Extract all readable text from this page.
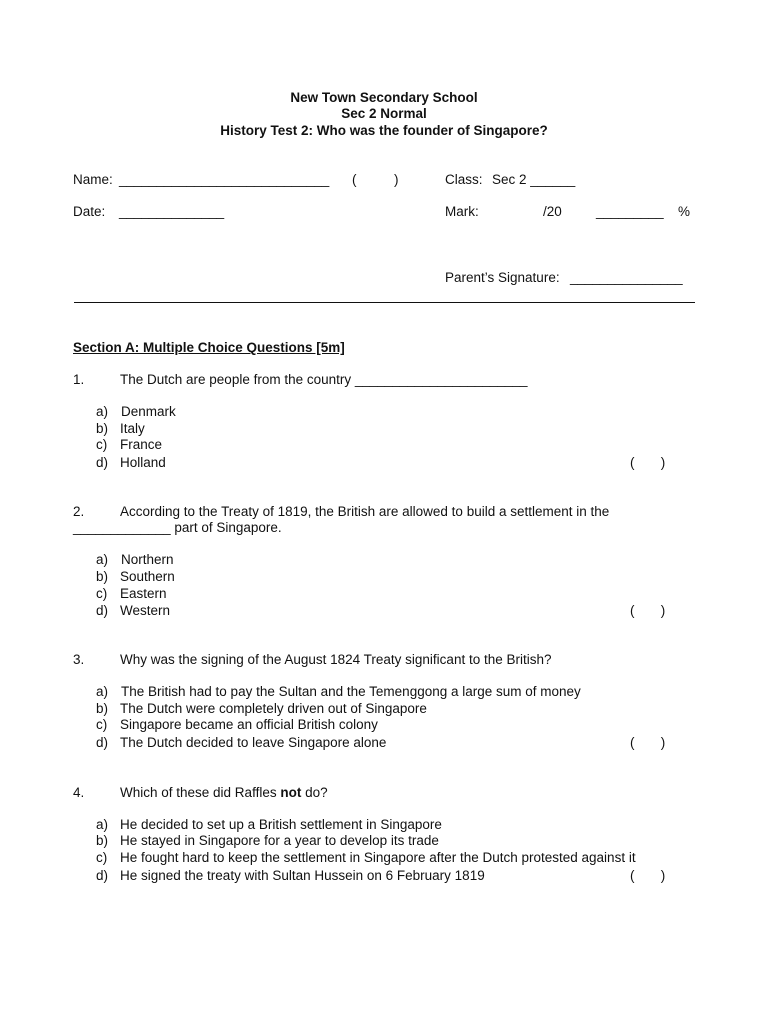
New Town Secondary School
Sec 2 Normal
History Test 2: Who was the founder of Singapore?
Name: ____________________________ (          )	Class: Sec 2 ______
Date: ______________	Mark:	/20	_________ %
Parent’s Signature: _______________
Section A: Multiple Choice Questions [5m]
1.	The Dutch are people from the country _______________________
a) Denmark
b) Italy
c) France
d) Holland	(       )
2.	According to the Treaty of 1819, the British are allowed to build a settlement in the
_____________ part of Singapore.
a) Northern
b) Southern
c) Eastern
d) Western	(       )
3.	Why was the signing of the August 1824 Treaty significant to the British?
a) The British had to pay the Sultan and the Temenggong a large sum of money
b) The Dutch were completely driven out of Singapore
c) Singapore became an official British colony
d) The Dutch decided to leave Singapore alone	(       )
4.	Which of these did Raffles not do?
a) He decided to set up a British settlement in Singapore
b) He stayed in Singapore for a year to develop its trade
c) He fought hard to keep the settlement in Singapore after the Dutch protested against it
d) He signed the treaty with Sultan Hussein on 6 February 1819	(       )
